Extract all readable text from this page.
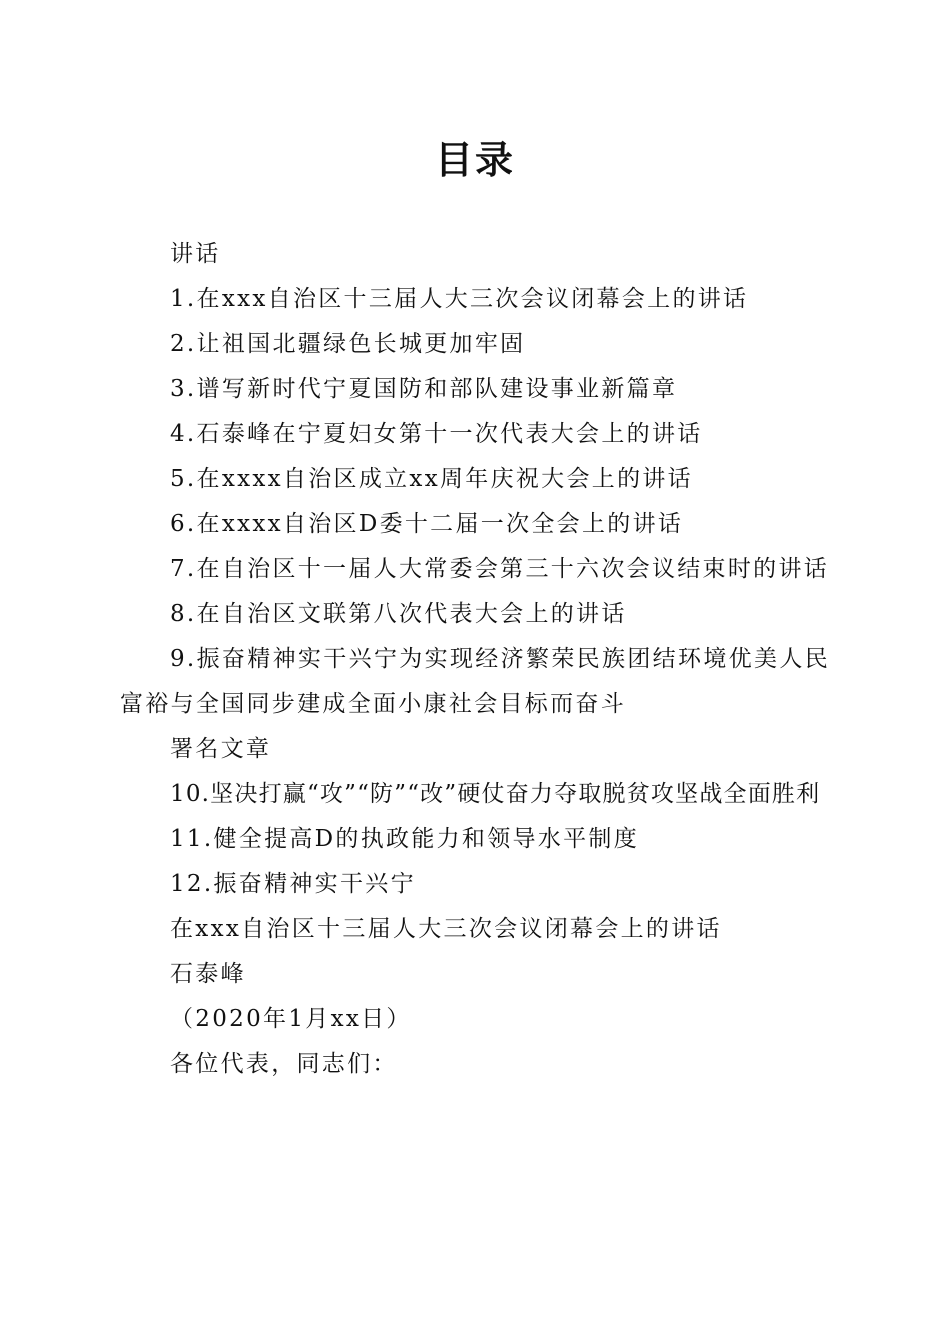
目录

讲话

1.在xxx自治区十三届人大三次会议闭幕会上的讲话

2.让祖国北疆绿色长城更加牢固

3.谱写新时代宁夏国防和部队建设事业新篇章

4.石泰峰在宁夏妇女第十一次代表大会上的讲话

5.在xxxx自治区成立xx周年庆祝大会上的讲话

6.在xxxx自治区D委十二届一次全会上的讲话

7.在自治区十一届人大常委会第三十六次会议结束时的讲话

8.在自治区文联第八次代表大会上的讲话

9.振奋精神实干兴宁为实现经济繁荣民族团结环境优美人民富裕与全国同步建成全面小康社会目标而奋斗

署名文章

10.坚决打赢“攻”“防”“改”硬仗奋力夺取脱贫攻坚战全面胜利

11.健全提高D的执政能力和领导水平制度

12.振奋精神实干兴宁

在xxx自治区十三届人大三次会议闭幕会上的讲话

石泰峰

（2020年1月xx日）

各位代表，同志们：
